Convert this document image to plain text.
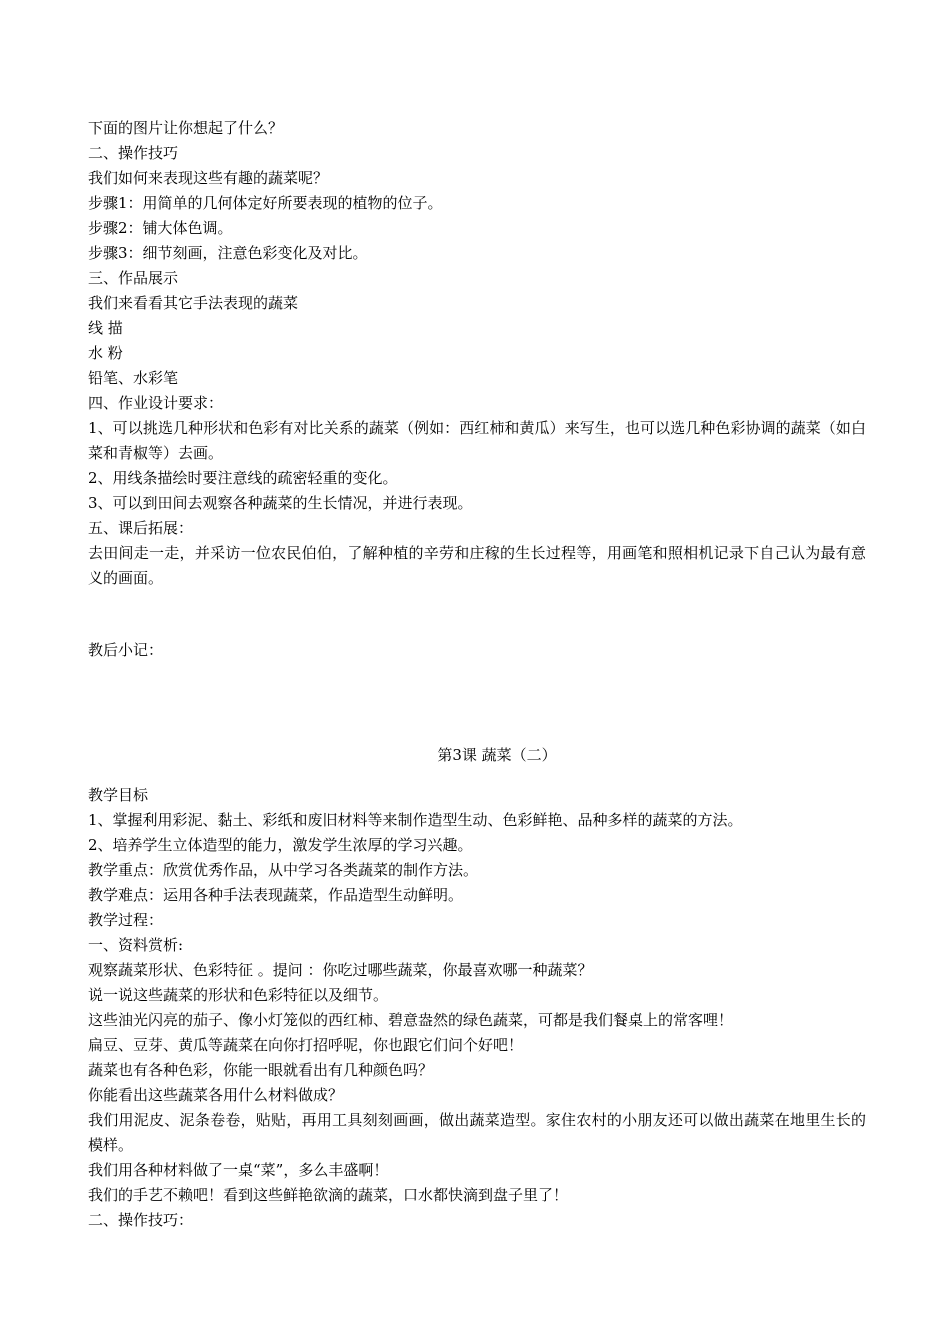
下面的图片让你想起了什么？

二、操作技巧

我们如何来表现这些有趣的蔬菜呢？

步骤1：用简单的几何体定好所要表现的植物的位子。

步骤2：铺大体色调。

步骤3：细节刻画，注意色彩变化及对比。

三、作品展示

我们来看看其它手法表现的蔬菜

线 描

水 粉

铅笔、水彩笔

四、作业设计要求：

1、可以挑选几种形状和色彩有对比关系的蔬菜（例如：西红柿和黄瓜）来写生，也可以选几种色彩协调的蔬菜（如白菜和青椒等）去画。

2、用线条描绘时要注意线的疏密轻重的变化。

3、可以到田间去观察各种蔬菜的生长情况，并进行表现。

五、课后拓展：

去田间走一走，并采访一位农民伯伯，了解种植的辛劳和庄稼的生长过程等，用画笔和照相机记录下自己认为最有意义的画面。

教后小记：

第3课 蔬菜（二）

教学目标

1、掌握利用彩泥、黏土、彩纸和废旧材料等来制作造型生动、色彩鲜艳、品种多样的蔬菜的方法。

2、培养学生立体造型的能力，激发学生浓厚的学习兴趣。

教学重点：欣赏优秀作品，从中学习各类蔬菜的制作方法。

教学难点：运用各种手法表现蔬菜，作品造型生动鲜明。

教学过程：

一、资料赏析:

观察蔬菜形状、色彩特征 。提问 ：你吃过哪些蔬菜，你最喜欢哪一种蔬菜？

说一说这些蔬菜的形状和色彩特征以及细节。

这些油光闪亮的茄子、像小灯笼似的西红柿、碧意盎然的绿色蔬菜，可都是我们餐桌上的常客哩！

扁豆、豆芽、黄瓜等蔬菜在向你打招呼呢，你也跟它们问个好吧！

蔬菜也有各种色彩，你能一眼就看出有几种颜色吗？

你能看出这些蔬菜各用什么材料做成？

我们用泥皮、泥条卷卷，贴贴，再用工具刻刻画画，做出蔬菜造型。家住农村的小朋友还可以做出蔬菜在地里生长的模样。

我们用各种材料做了一桌“菜”，多么丰盛啊！

我们的手艺不赖吧！看到这些鲜艳欲滴的蔬菜，口水都快滴到盘子里了！

二、操作技巧：
